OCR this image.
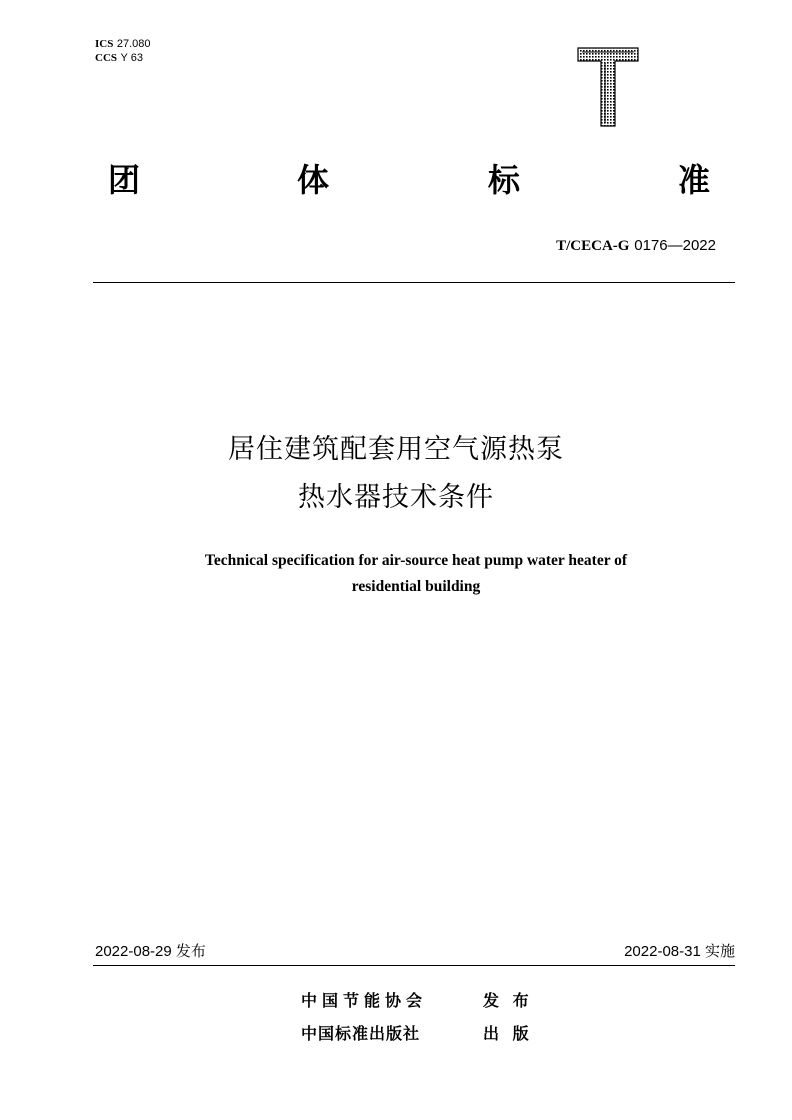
ICS 27.080
CCS Y 63
T
团	体	标	准
T/CECA-G 0176—2022
居住建筑配套用空气源热泵
热水器技术条件
Technical specification for air-source heat pump water heater of
residential building
2022-08-29 发布	2022-08-31 实施
中国节能协会	发 布
中国标准出版社	出 版
